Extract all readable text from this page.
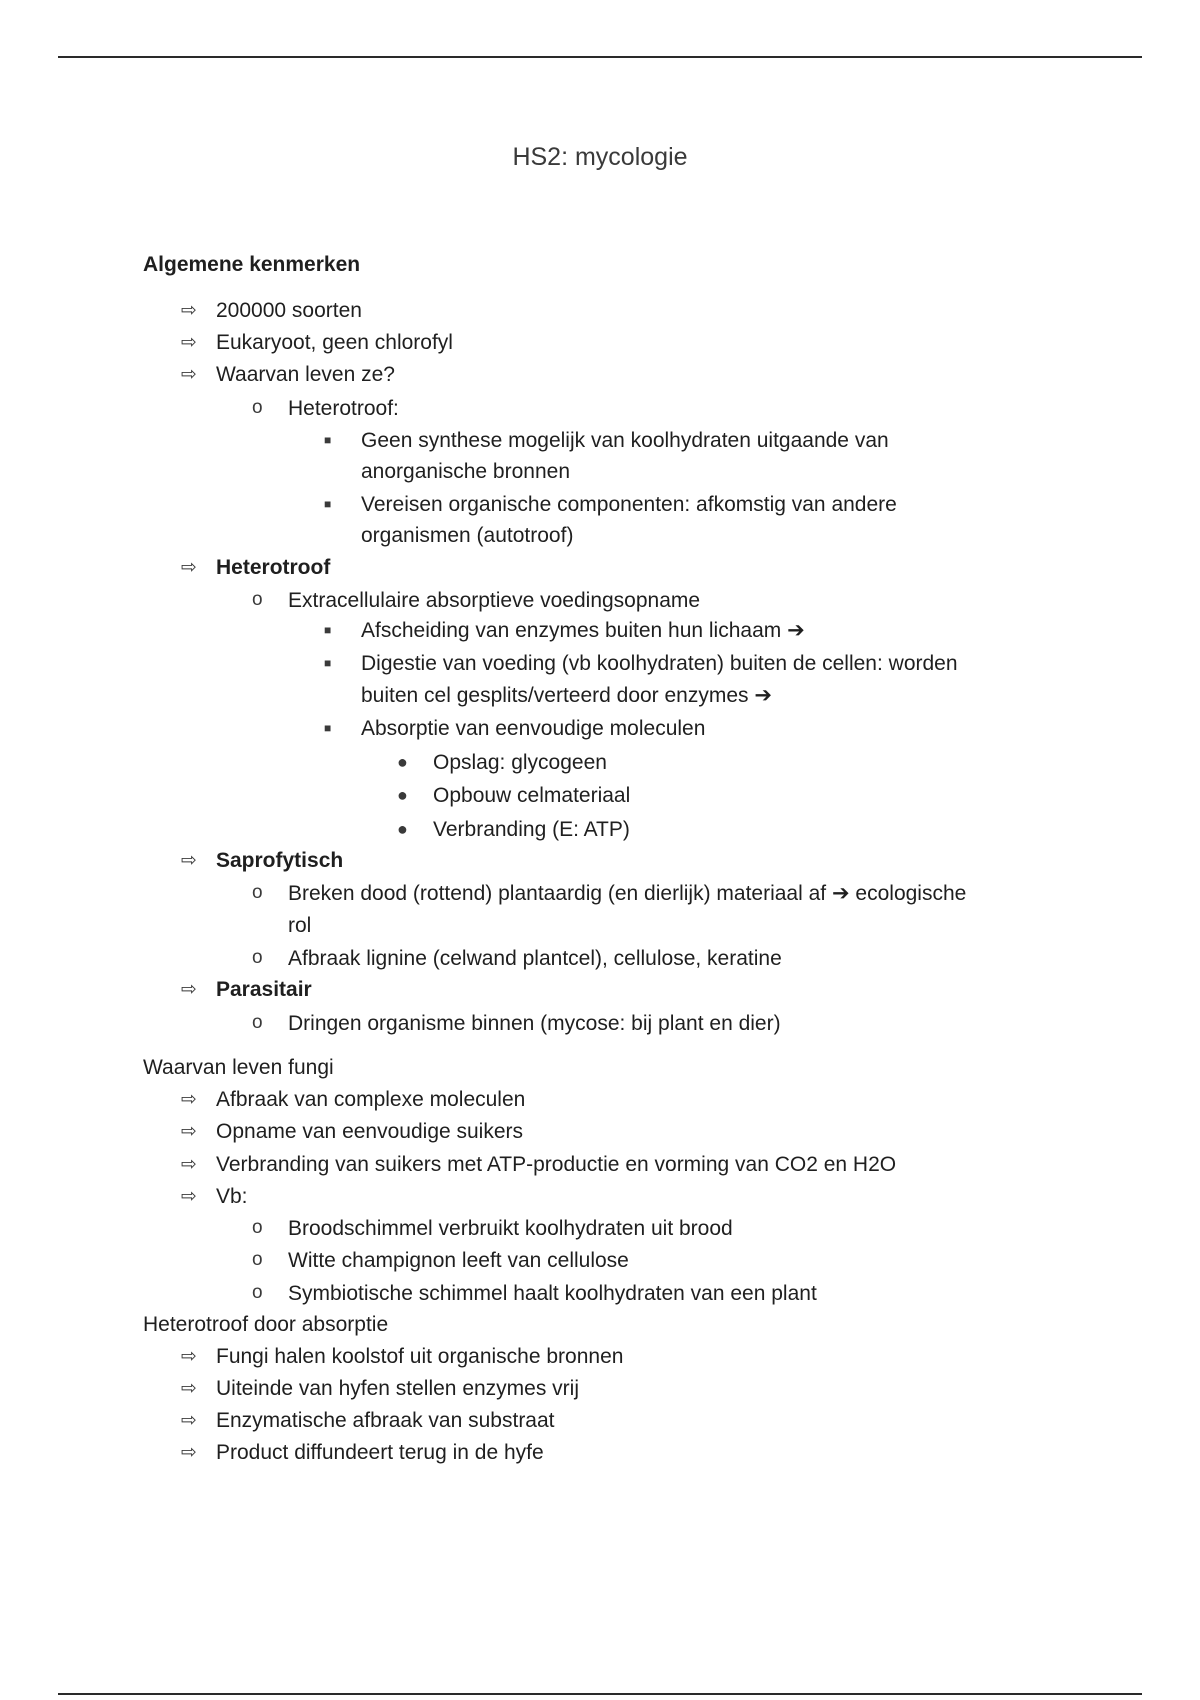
HS2: mycologie
Algemene kenmerken
⇨ 200000 soorten
⇨ Eukaryoot, geen chlorofyl
⇨ Waarvan leven ze?
o Heterotroof:
■ Geen synthese mogelijk van koolhydraten uitgaande van
anorganische bronnen
■ Vereisen organische componenten: afkomstig van andere
organismen (autotroof)
⇨ Heterotroof
o Extracellulaire absorptieve voedingsopname
■ Afscheiding van enzymes buiten hun lichaam ➔
■ Digestie van voeding (vb koolhydraten) buiten de cellen: worden
buiten cel gesplits/verteerd door enzymes ➔
■ Absorptie van eenvoudige moleculen
● Opslag: glycogeen
● Opbouw celmateriaal
● Verbranding (E: ATP)
⇨ Saprofytisch
o Breken dood (rottend) plantaardig (en dierlijk) materiaal af ➔ ecologische
rol
o Afbraak lignine (celwand plantcel), cellulose, keratine
⇨ Parasitair
o Dringen organisme binnen (mycose: bij plant en dier)
Waarvan leven fungi
⇨ Afbraak van complexe moleculen
⇨ Opname van eenvoudige suikers
⇨ Verbranding van suikers met ATP-productie en vorming van CO2 en H2O
⇨ Vb:
o Broodschimmel verbruikt koolhydraten uit brood
o Witte champignon leeft van cellulose
o Symbiotische schimmel haalt koolhydraten van een plant
Heterotroof door absorptie
⇨ Fungi halen koolstof uit organische bronnen
⇨ Uiteinde van hyfen stellen enzymes vrij
⇨ Enzymatische afbraak van substraat
⇨ Product diffundeert terug in de hyfe
